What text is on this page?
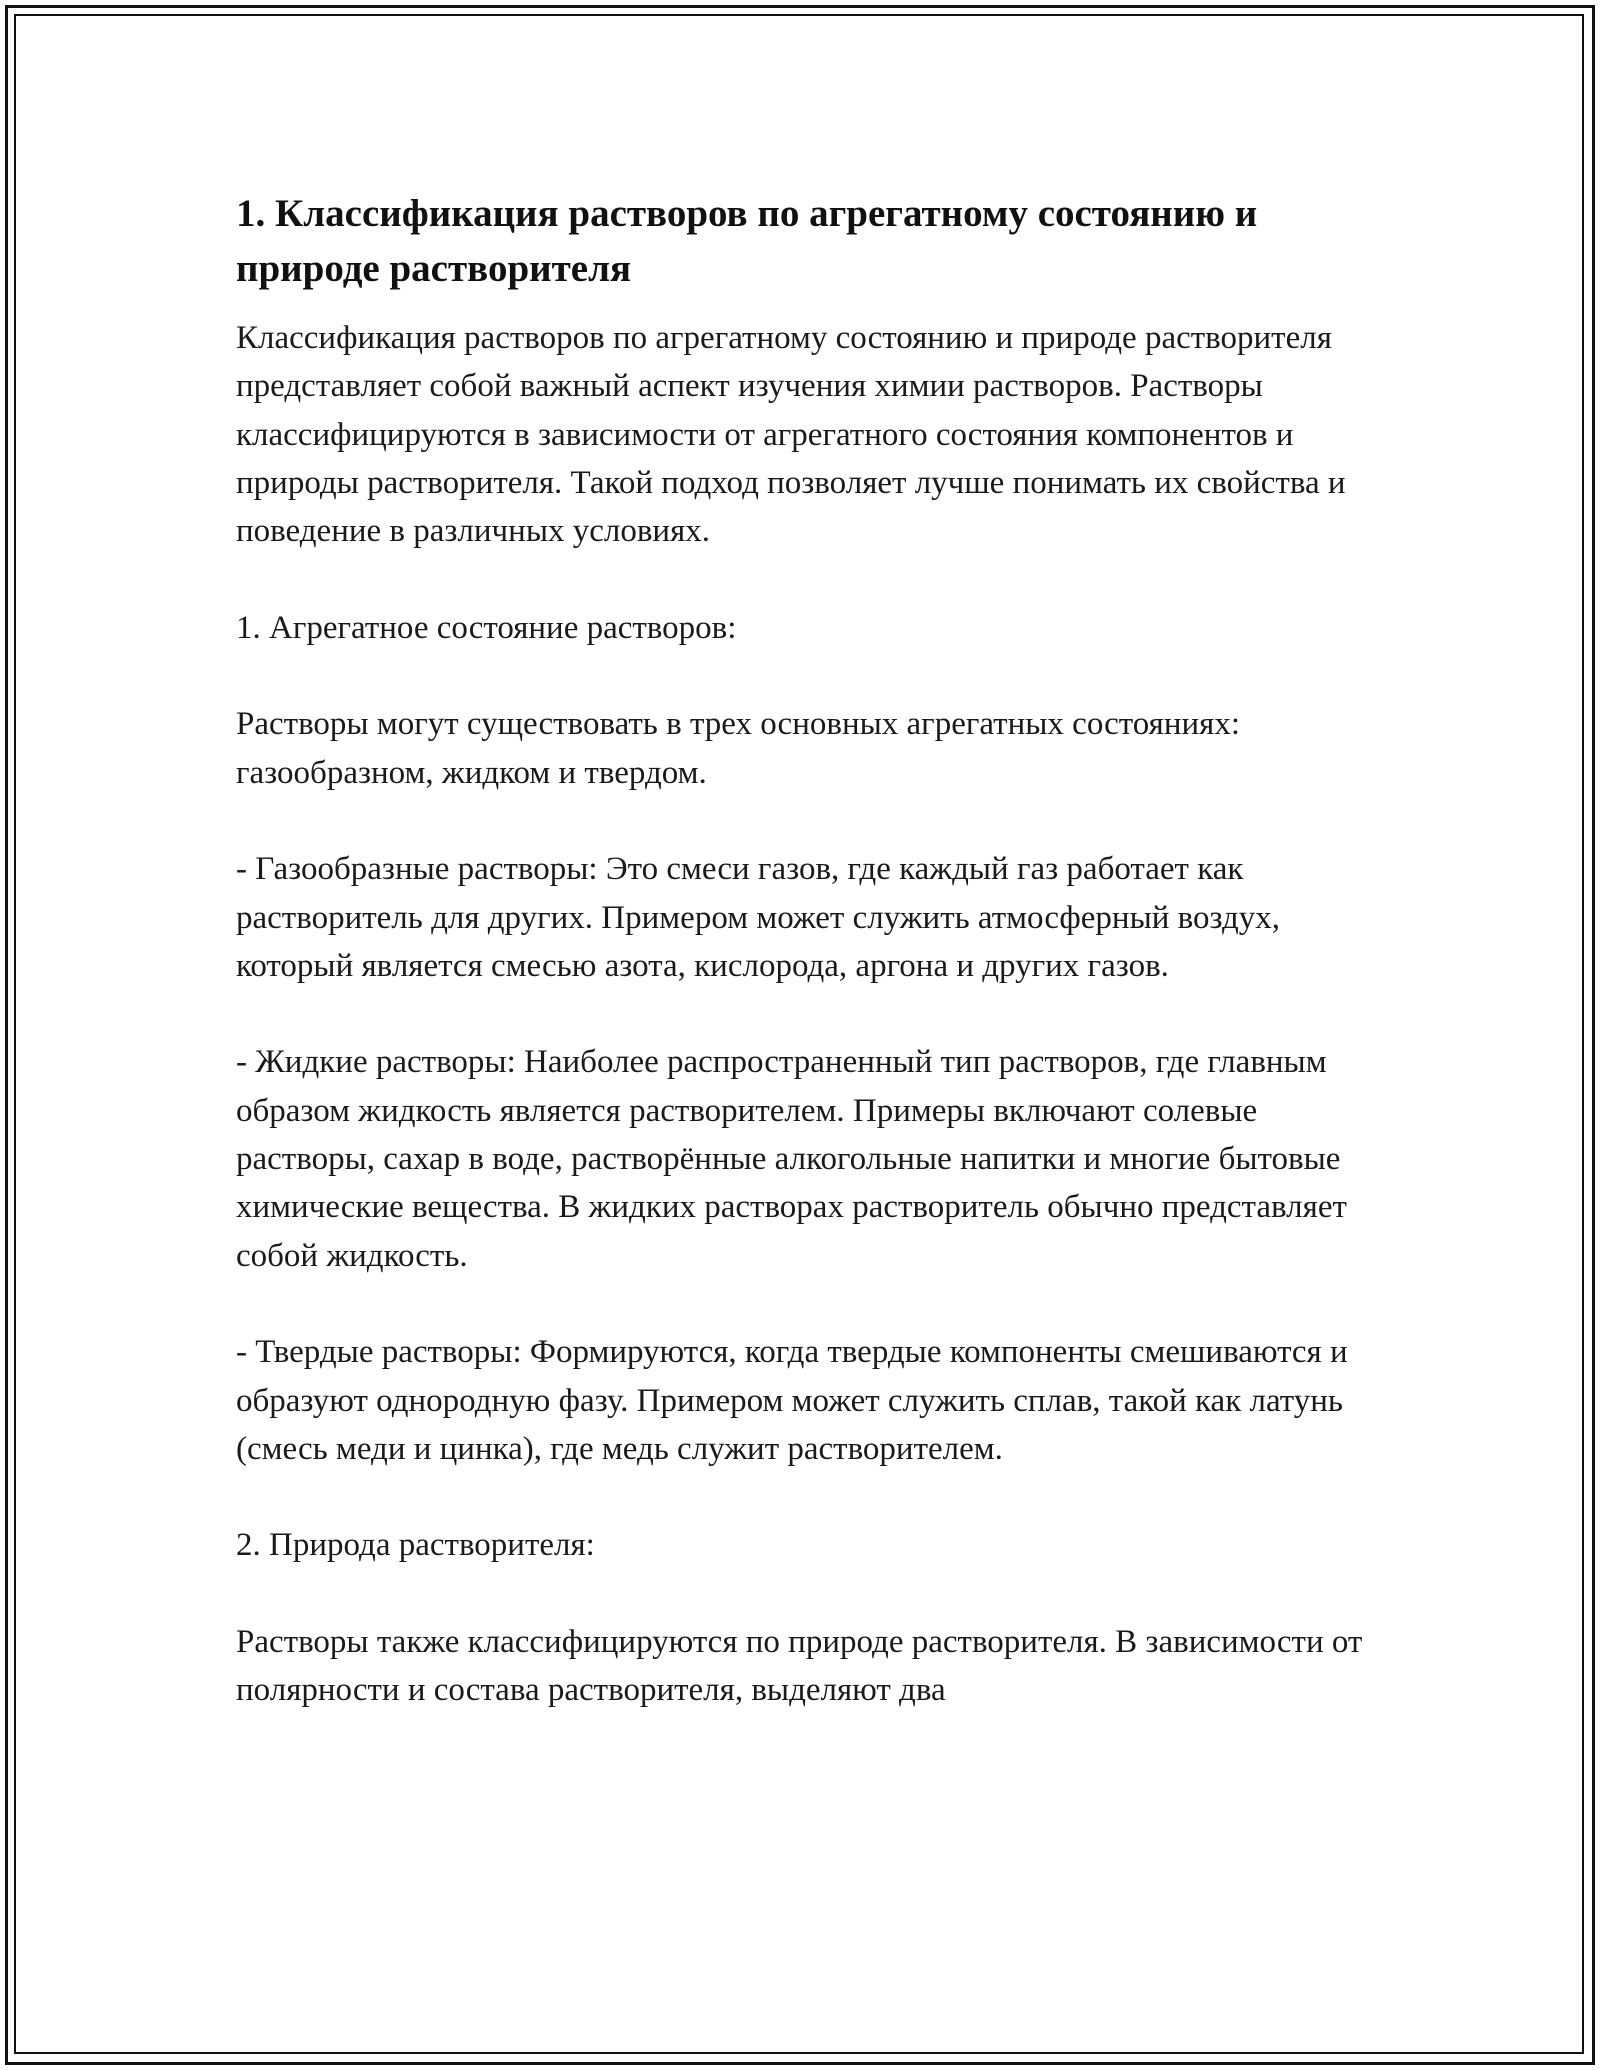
1. Классификация растворов по агрегатному состоянию и природе растворителя

Классификация растворов по агрегатному состоянию и природе растворителя представляет собой важный аспект изучения химии растворов. Растворы классифицируются в зависимости от агрегатного состояния компонентов и природы растворителя. Такой подход позволяет лучше понимать их свойства и поведение в различных условиях.

1. Агрегатное состояние растворов:

Растворы могут существовать в трех основных агрегатных состояниях: газообразном, жидком и твердом.

- Газообразные растворы: Это смеси газов, где каждый газ работает как растворитель для других. Примером может служить атмосферный воздух, который является смесью азота, кислорода, аргона и других газов.

- Жидкие растворы: Наиболее распространенный тип растворов, где главным образом жидкость является растворителем. Примеры включают солевые растворы, сахар в воде, растворённые алкогольные напитки и многие бытовые химические вещества. В жидких растворах растворитель обычно представляет собой жидкость.

- Твердые растворы: Формируются, когда твердые компоненты смешиваются и образуют однородную фазу. Примером может служить сплав, такой как латунь (смесь меди и цинка), где медь служит растворителем.

2. Природа растворителя:

Растворы также классифицируются по природе растворителя. В зависимости от полярности и состава растворителя, выделяют два
